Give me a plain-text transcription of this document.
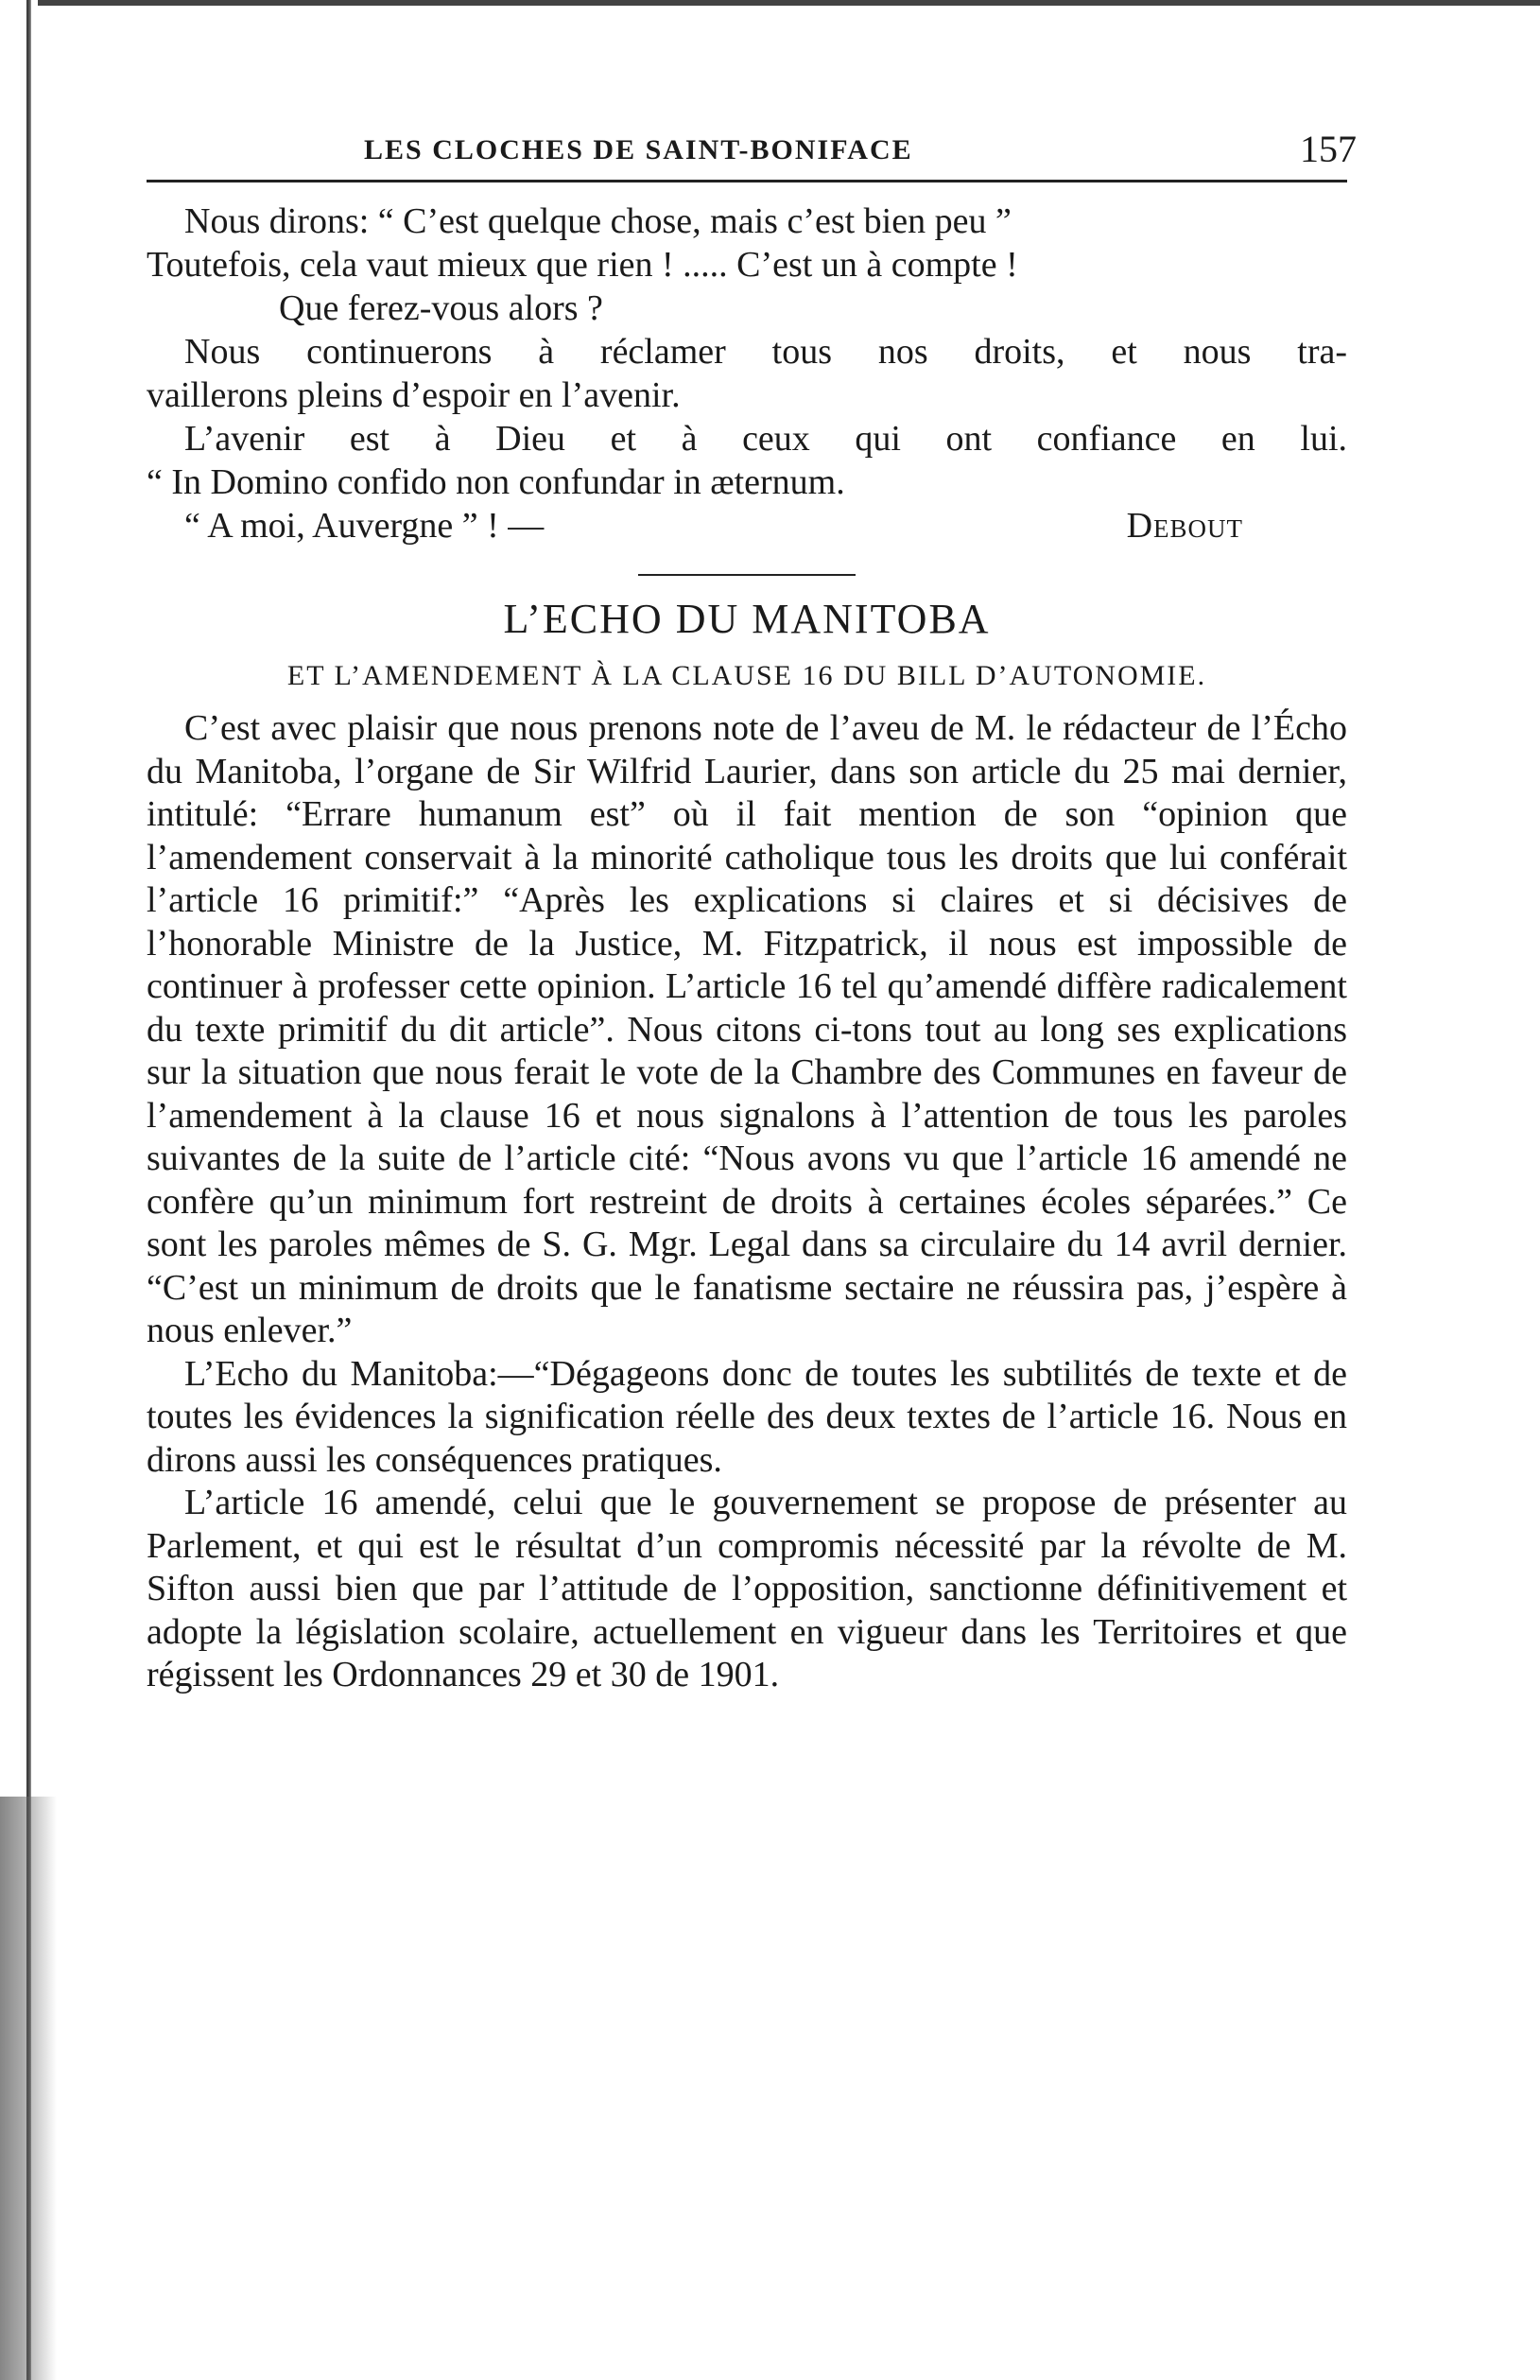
LES CLOCHES DE SAINT-BONIFACE	157

Nous dirons: “ C’est quelque chose, mais c’est bien peu ”

Toutefois, cela vaut mieux que rien ! ..... C’est un à compte !

Que ferez-vous alors ?

Nous continuerons à réclamer tous nos droits, et nous tra-

vaillerons pleins d’espoir en l’avenir.

L’avenir est à Dieu et à ceux qui ont confiance en lui.

“ In Domino confido non confundar in æternum.

“ A moi, Auvergne ” ! —	Debout
L’ECHO DU MANITOBA
ET L’AMENDEMENT À LA CLAUSE 16 DU BILL D’AUTONOMIE.

C’est avec plaisir que nous prenons note de l’aveu de M. le rédacteur de l’Écho du Manitoba, l’organe de Sir Wilfrid Laurier, dans son article du 25 mai dernier, intitulé: “Errare humanum est” où il fait mention de son “opinion que l’amendement conservait à la minorité catholique tous les droits que lui conférait l’article 16 primitif:” “Après les explications si claires et si décisives de l’honorable Ministre de la Justice, M. Fitzpatrick, il nous est impossible de continuer à professer cette opinion. L’article 16 tel qu’amendé diffère radicalement du texte primitif du dit article”. Nous citons ci-tons tout au long ses explications sur la situation que nous ferait le vote de la Chambre des Communes en faveur de l’amendement à la clause 16 et nous signalons à l’attention de tous les paroles suivantes de la suite de l’article cité: “Nous avons vu que l’article 16 amendé ne confère qu’un minimum fort restreint de droits à certaines écoles séparées.” Ce sont les paroles mêmes de S. G. Mgr. Legal dans sa circulaire du 14 avril dernier. “C’est un minimum de droits que le fanatisme sectaire ne réussira pas, j’espère à nous enlever.”

L’Echo du Manitoba:—“Dégageons donc de toutes les subtilités de texte et de toutes les évidences la signification réelle des deux textes de l’article 16. Nous en dirons aussi les conséquences pratiques.

L’article 16 amendé, celui que le gouvernement se propose de présenter au Parlement, et qui est le résultat d’un compromis nécessité par la révolte de M. Sifton aussi bien que par l’attitude de l’opposition, sanctionne définitivement et adopte la législation scolaire, actuellement en vigueur dans les Territoires et que régissent les Ordonnances 29 et 30 de 1901.
